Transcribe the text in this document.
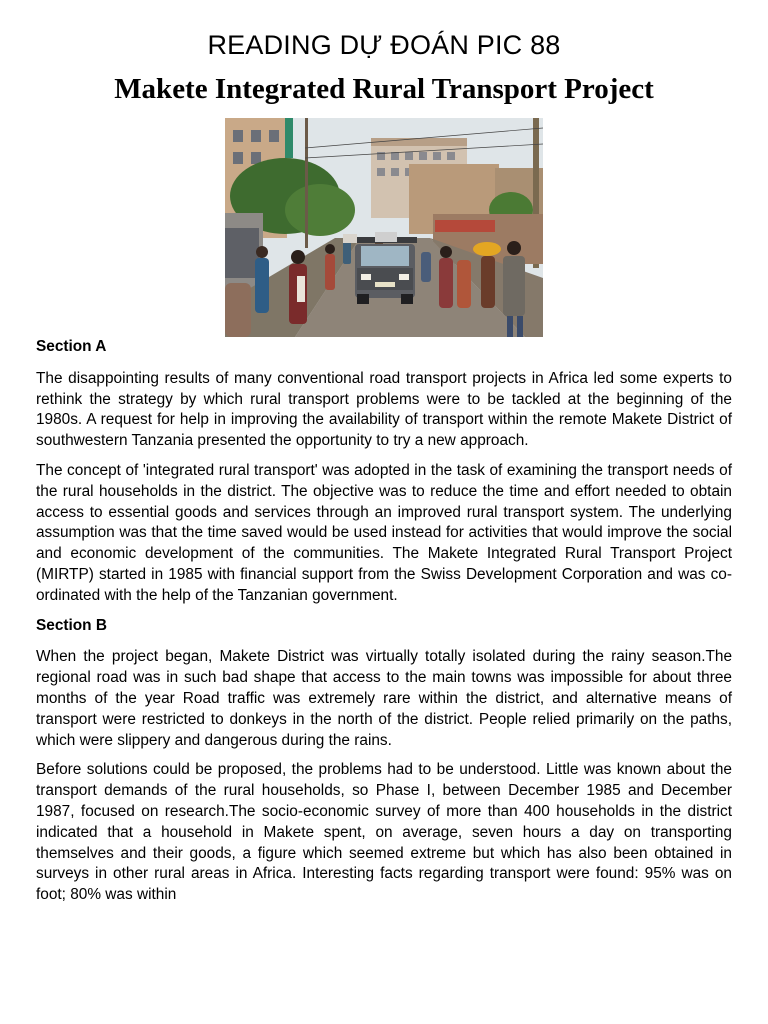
READING DỰ ĐOÁN PIC 88
Makete Integrated Rural Transport Project
Section A

The disappointing results of many conventional road transport projects in Africa led some experts to rethink the strategy by which rural transport problems were to be tackled at the beginning of the 1980s. A request for help in improving the availability of transport within the remote Makete District of southwestern Tanzania presented the opportunity to try a new approach.

The concept of 'integrated rural transport' was adopted in the task of examining the transport needs of the rural households in the district. The objective was to reduce the time and effort needed to obtain access to essential goods and services through an improved rural transport system. The underlying assumption was that the time saved would be used instead for activities that would improve the social and economic development of the communities. The Makete Integrated Rural Transport Project (MIRTP) started in 1985 with financial support from the Swiss Development Corporation and was co-ordinated with the help of the Tanzanian government.

Section B

When the project began, Makete District was virtually totally isolated during the rainy season.The regional road was in such bad shape that access to the main towns was impossible for about three months of the year Road traffic was extremely rare within the district, and alternative means of transport were restricted to donkeys in the north of the district. People relied primarily on the paths, which were slippery and dangerous during the rains.

Before solutions could be proposed, the problems had to be understood. Little was known about the transport demands of the rural households, so Phase I, between December 1985 and December 1987, focused on research.The socio-economic survey of more than 400 households in the district indicated that a household in Makete spent, on average, seven hours a day on transporting themselves and their goods, a figure which seemed extreme but which has also been obtained in surveys in other rural areas in Africa. Interesting facts regarding transport were found: 95% was on foot; 80% was within
